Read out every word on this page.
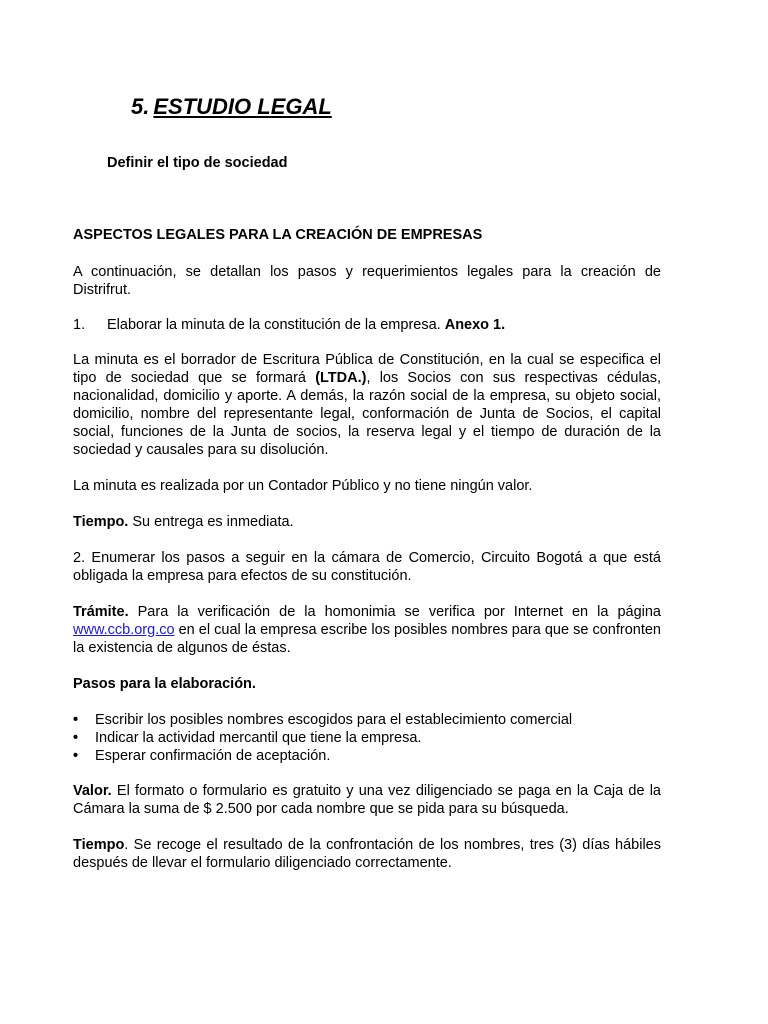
5. ESTUDIO LEGAL

Definir el tipo de sociedad

ASPECTOS LEGALES PARA LA CREACIÓN DE EMPRESAS

A continuación, se detallan los pasos y requerimientos legales para la creación de Distrifrut.

1. Elaborar la minuta de la constitución de la empresa. Anexo 1.

La minuta es el borrador de Escritura Pública de Constitución, en la cual se especifica el tipo de sociedad que se formará (LTDA.), los Socios con sus respectivas cédulas, nacionalidad, domicilio y aporte. A demás, la razón social de la empresa, su objeto social, domicilio, nombre del representante legal, conformación de Junta de Socios, el capital social, funciones de la Junta de socios, la reserva legal y el tiempo de duración de la sociedad y causales para su disolución.

La minuta es realizada por un Contador Público y no tiene ningún valor.

Tiempo. Su entrega es inmediata.

2. Enumerar los pasos a seguir en la cámara de Comercio, Circuito Bogotá a que está obligada la empresa para efectos de su constitución.

Trámite. Para la verificación de la homonimia se verifica por Internet en la página www.ccb.org.co en el cual la empresa escribe los posibles nombres para que se confronten la existencia de algunos de éstas.

Pasos para la elaboración.

• Escribir los posibles nombres escogidos para el establecimiento comercial
• Indicar la actividad mercantil que tiene la empresa.
• Esperar confirmación de aceptación.

Valor. El formato o formulario es gratuito y una vez diligenciado se paga en la Caja de la Cámara la suma de $ 2.500 por cada nombre que se pida para su búsqueda.

Tiempo. Se recoge el resultado de la confrontación de los nombres, tres (3) días hábiles después de llevar el formulario diligenciado correctamente.
